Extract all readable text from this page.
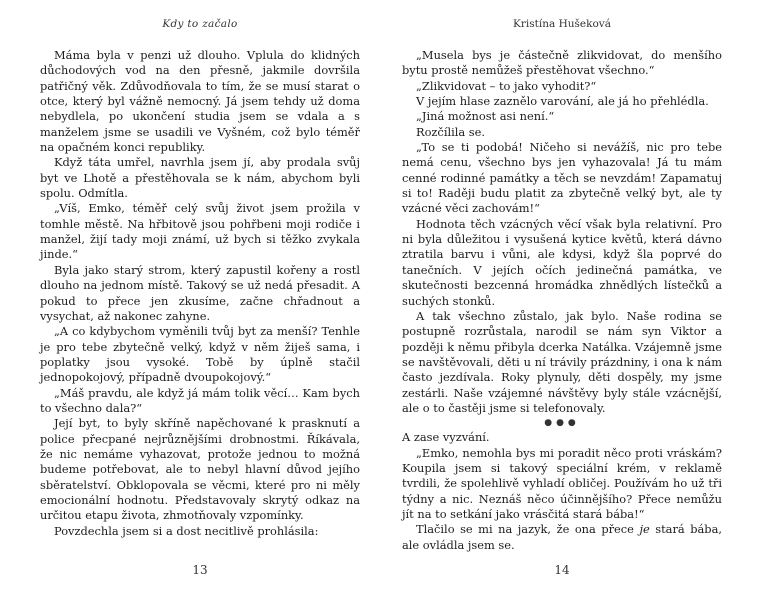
Kdy to začalo

Máma byla v penzi už dlouho. Vplula do klidných důchodových vod na den přesně, jakmile dovršila patřičný věk. Zdůvodňovala to tím, že se musí starat o otce, který byl vážně nemocný. Já jsem tehdy už doma nebydlela, po ukončení studia jsem se vdala a s manželem jsme se usadili ve Vyšném, což bylo téměř na opačném konci republiky.

Když táta umřel, navrhla jsem jí, aby prodala svůj byt ve Lhotě a přestěhovala se k nám, abychom byli spolu. Odmítla.

„Víš, Emko, téměř celý svůj život jsem prožila v tomhle městě. Na hřbitově jsou pohřbeni moji rodiče i manžel, žijí tady moji známí, už bych si těžko zvykala jinde.“

Byla jako starý strom, který zapustil kořeny a rostl dlouho na jednom místě. Takový se už nedá přesadit. A pokud to přece jen zkusíme, začne chřadnout a vysychat, až nakonec zahyne.

„A co kdybychom vyměnili tvůj byt za menší? Tenhle je pro tebe zbytečně velký, když v něm žiješ sama, i poplatky jsou vysoké. Tobě by úplně stačil jednopokojový, případně dvoupokojový.“

„Máš pravdu, ale když já mám tolik věcí… Kam bych to všechno dala?“

Její byt, to byly skříně napěchované k prasknutí a police přecpané nejrůznějšími drobnostmi. Říkávala, že nic nemáme vyhazovat, protože jednou to možná budeme potřebovat, ale to nebyl hlavní důvod jejího sběratelství. Obklopovala se věcmi, které pro ni měly emocionální hodnotu. Představovaly skrytý odkaz na určitou etapu života, zhmotňovaly vzpomínky.

Povzdechla jsem si a dost necitlivě prohlásila:

13
Kristína Hušeková

„Musela bys je částečně zlikvidovat, do menšího bytu prostě nemůžeš přestěhovat všechno.“

„Zlikvidovat – to jako vyhodit?“

V jejím hlase zaznělo varování, ale já ho přehlédla.

„Jiná možnost asi není.“

Rozčílila se.

„To se ti podobá! Ničeho si nevážíš, nic pro tebe nemá cenu, všechno bys jen vyhazovala! Já tu mám cenné rodinné památky a těch se nevzdám! Zapamatuj si to! Raději budu platit za zbytečně velký byt, ale ty vzácné věci zachovám!“

Hodnota těch vzácných věcí však byla relativní. Pro ni byla důležitou i vysušená kytice květů, která dávno ztratila barvu i vůni, ale kdysi, když šla poprvé do tanečních. V jejích očích jedinečná památka, ve skutečnosti bezcenná hromádka zhnědlých lístečků a suchých stonků.

A tak všechno zůstalo, jak bylo. Naše rodina se postupně rozrůstala, narodil se nám syn Viktor a později k němu přibyla dcerka Natálka. Vzájemně jsme se navštěvovali, děti u ní trávily prázdniny, i ona k nám často jezdívala. Roky plynuly, děti dospěly, my jsme zestárli. Naše vzájemné návštěvy byly stále vzácnější, ale o to častěji jsme si telefonovaly.

●●●

A zase vyzvání.

„Emko, nemohla bys mi poradit něco proti vráskám? Koupila jsem si takový speciální krém, v reklamě tvrdili, že spolehlivě vyhladí obličej. Používám ho už tři týdny a nic. Neznáš něco účinnějšího? Přece nemůžu jít na to setkání jako vrásčitá stará bába!“

Tlačilo se mi na jazyk, že ona přece je stará bába, ale ovládla jsem se.

14
